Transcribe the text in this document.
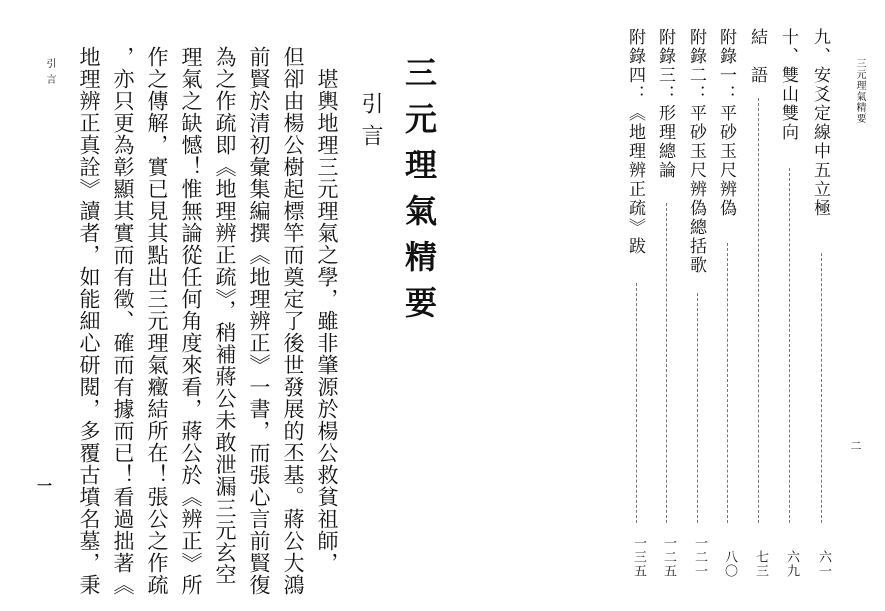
三元理氣精要
二
九、安爻定線中五立極
六一
十、雙山雙向
六九
結　語
七三
附錄一：平砂玉尺辨偽
八〇
附錄二：平砂玉尺辨偽總括歌
一二一
附錄三：形理總論
一二五
附錄四：《地理辨正疏》跋
一三五
三元理氣精要
引言
堪輿地理三元理氣之學，雖非肇源於楊公救貧祖師，
但卻由楊公樹起標竿而奠定了後世發展的丕基。蔣公大鴻
前賢於清初彙集編撰《地理辨正》一書，而張心言前賢復
為之作疏即《地理辨正疏》，稍補蔣公未敢泄漏三元玄空
理氣之缺憾！惟無論從任何角度來看，蔣公於《辨正》所
作之傳解，實已見其點出三元理氣癥結所在！張公之作疏
，亦只更為彰顯其實而有徵、確而有據而已！看過拙著《
地理辨正真詮》讀者，如能細心研閱，多覆古墳名墓，秉
引言
一
